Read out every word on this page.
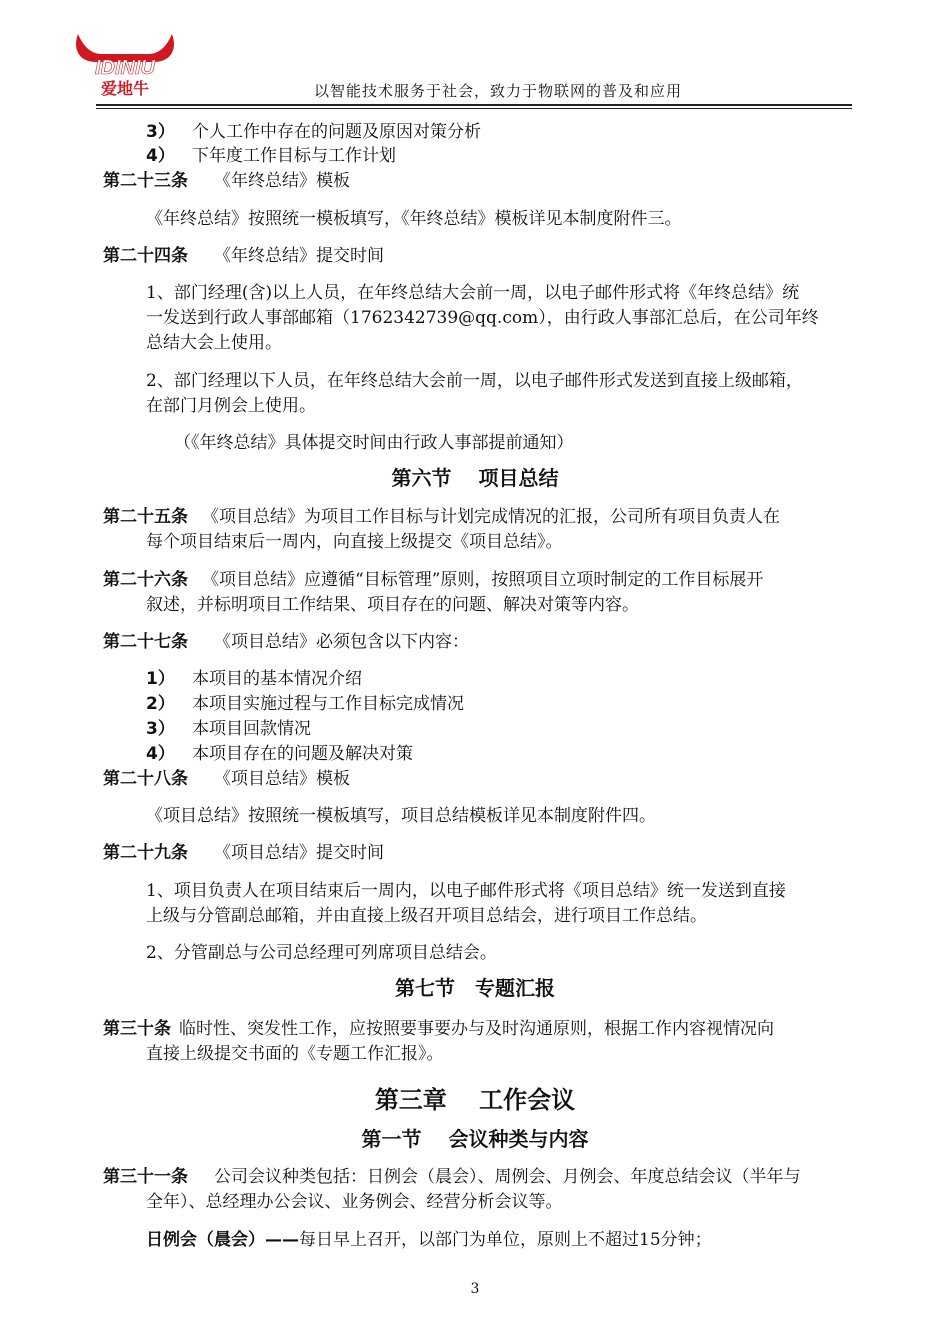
IDINIU
爱地牛	以智能技术服务于社会，致力于物联网的普及和应用
3） 个人工作中存在的问题及原因对策分析
4） 下年度工作目标与工作计划
第二十三条 《年终总结》模板
《年终总结》按照统一模板填写，《年终总结》模板详见本制度附件三。
第二十四条 《年终总结》提交时间
1、部门经理(含)以上人员，在年终总结大会前一周，以电子邮件形式将《年终总结》统
一发送到行政人事部邮箱（1762342739@qq.com），由行政人事部汇总后，在公司年终
总结大会上使用。
2、部门经理以下人员，在年终总结大会前一周，以电子邮件形式发送到直接上级邮箱，
在部门月例会上使用。
（《年终总结》具体提交时间由行政人事部提前通知）
第六节　 项目总结
第二十五条 《项目总结》为项目工作目标与计划完成情况的汇报，公司所有项目负责人在
每个项目结束后一周内，向直接上级提交《项目总结》。
第二十六条 《项目总结》应遵循“目标管理”原则，按照项目立项时制定的工作目标展开
叙述，并标明项目工作结果、项目存在的问题、解决对策等内容。
第二十七条 《项目总结》必须包含以下内容：
1） 本项目的基本情况介绍
2） 本项目实施过程与工作目标完成情况
3） 本项目回款情况
4） 本项目存在的问题及解决对策
第二十八条 《项目总结》模板
《项目总结》按照统一模板填写，项目总结模板详见本制度附件四。
第二十九条 《项目总结》提交时间
1、项目负责人在项目结束后一周内，以电子邮件形式将《项目总结》统一发送到直接
上级与分管副总邮箱，并由直接上级召开项目总结会，进行项目工作总结。
2、分管副总与公司总经理可列席项目总结会。
第七节　专题汇报
第三十条 临时性、突发性工作，应按照要事要办与及时沟通原则，根据工作内容视情况向
直接上级提交书面的《专题工作汇报》。
第三章　 工作会议
第一节　 会议种类与内容
第三十一条 公司会议种类包括：日例会（晨会）、周例会、月例会、年度总结会议（半年与
全年）、总经理办公会议、业务例会、经营分析会议等。
日例会（晨会）——每日早上召开，以部门为单位，原则上不超过15分钟；
3
